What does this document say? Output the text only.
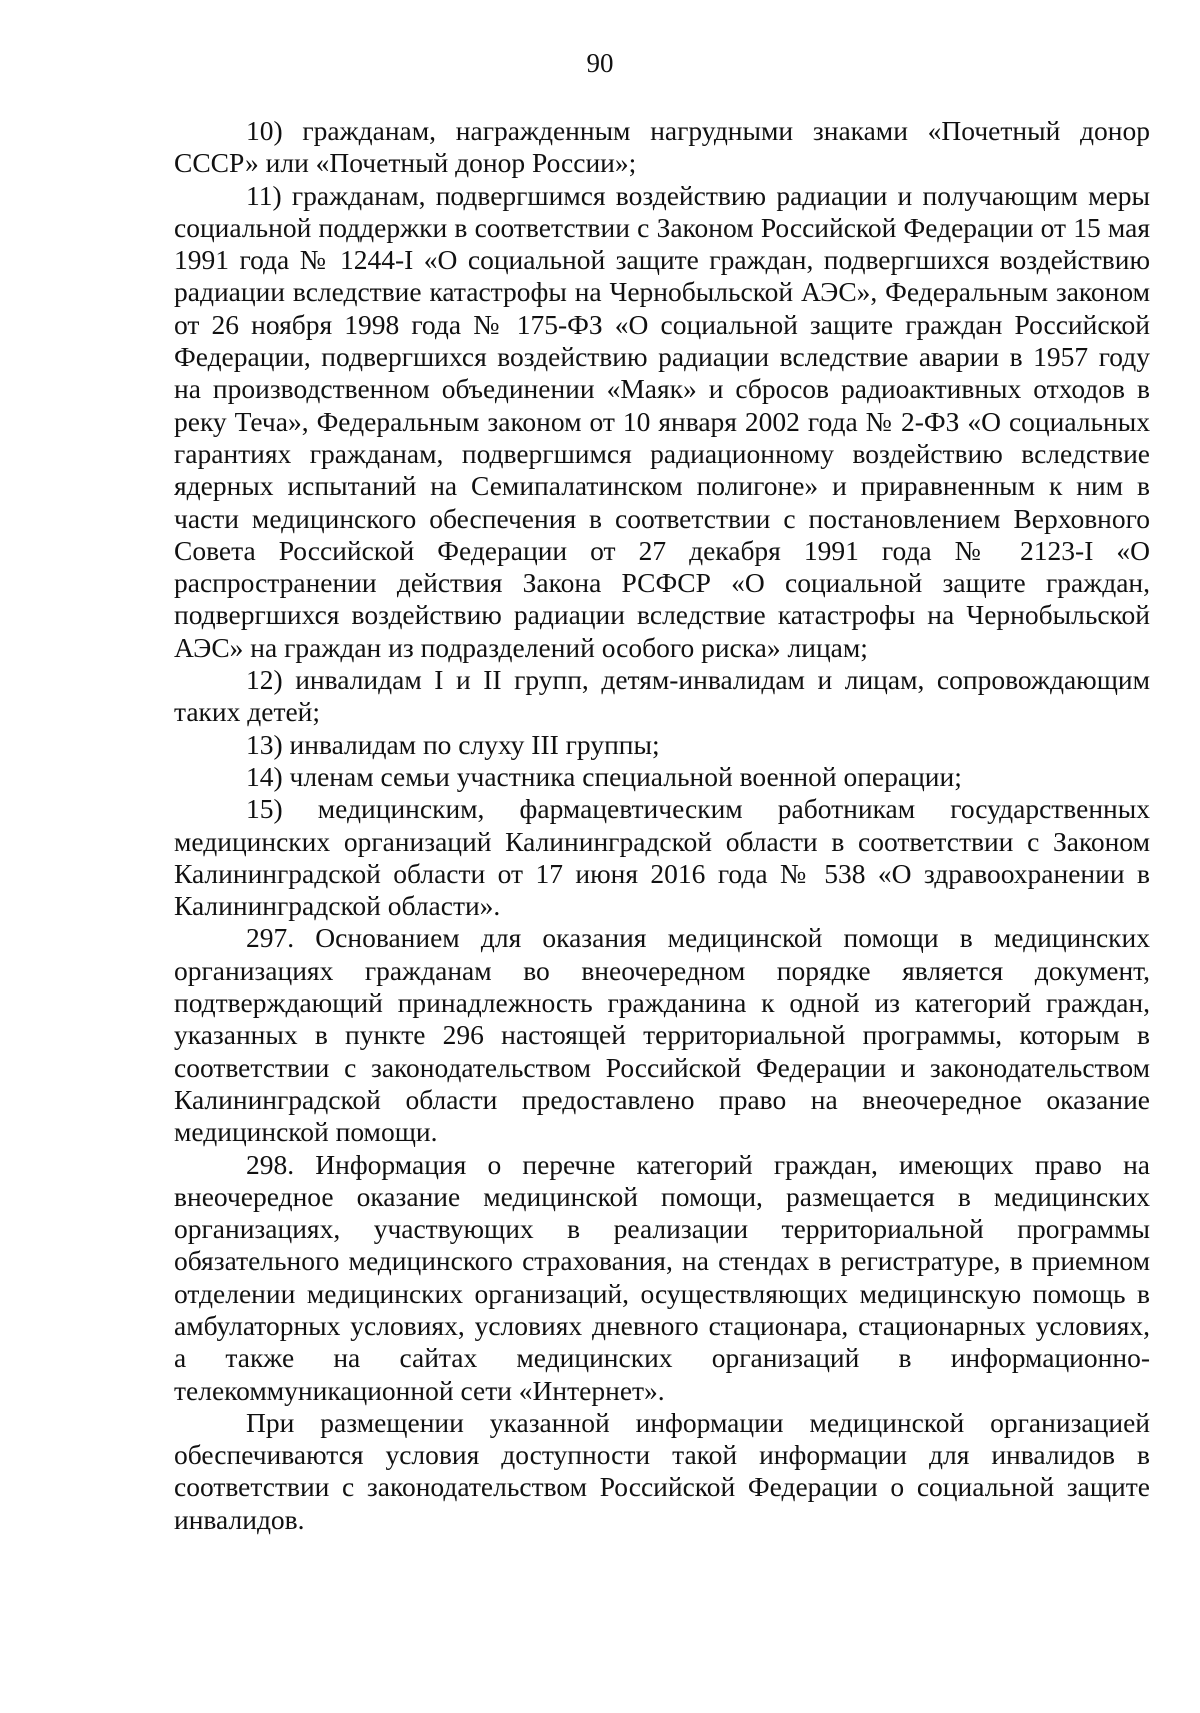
90

10) гражданам, награжденным нагрудными знаками «Почетный донор СССР» или «Почетный донор России»;

11) гражданам, подвергшимся воздействию радиации и получающим меры социальной поддержки в соответствии с Законом Российской Федерации от 15 мая 1991 года № 1244-I «О социальной защите граждан, подвергшихся воздействию радиации вследствие катастрофы на Чернобыльской АЭС», Федеральным законом от 26 ноября 1998 года № 175-ФЗ «О социальной защите граждан Российской Федерации, подвергшихся воздействию радиации вследствие аварии в 1957 году на производственном объединении «Маяк» и сбросов радиоактивных отходов в реку Теча», Федеральным законом от 10 января 2002 года № 2-ФЗ «О социальных гарантиях гражданам, подвергшимся радиационному воздействию вследствие ядерных испытаний на Семипалатинском полигоне» и приравненным к ним в части медицинского обеспечения в соответствии с постановлением Верховного Совета Российской Федерации от 27 декабря 1991 года № 2123-I «О распространении действия Закона РСФСР «О социальной защите граждан, подвергшихся воздействию радиации вследствие катастрофы на Чернобыльской АЭС» на граждан из подразделений особого риска» лицам;

12) инвалидам I и II групп, детям-инвалидам и лицам, сопровождающим таких детей;

13) инвалидам по слуху III группы;

14) членам семьи участника специальной военной операции;

15) медицинским, фармацевтическим работникам государственных медицинских организаций Калининградской области в соответствии с Законом Калининградской области от 17 июня 2016 года № 538 «О здравоохранении в Калининградской области».

297. Основанием для оказания медицинской помощи в медицинских организациях гражданам во внеочередном порядке является документ, подтверждающий принадлежность гражданина к одной из категорий граждан, указанных в пункте 296 настоящей территориальной программы, которым в соответствии с законодательством Российской Федерации и законодательством Калининградской области предоставлено право на внеочередное оказание медицинской помощи.

298. Информация о перечне категорий граждан, имеющих право на внеочередное оказание медицинской помощи, размещается в медицинских организациях, участвующих в реализации территориальной программы обязательного медицинского страхования, на стендах в регистратуре, в приемном отделении медицинских организаций, осуществляющих медицинскую помощь в амбулаторных условиях, условиях дневного стационара, стационарных условиях, а также на сайтах медицинских организаций в информационно-телекоммуникационной сети «Интернет».

При размещении указанной информации медицинской организацией обеспечиваются условия доступности такой информации для инвалидов в соответствии с законодательством Российской Федерации о социальной защите инвалидов.
